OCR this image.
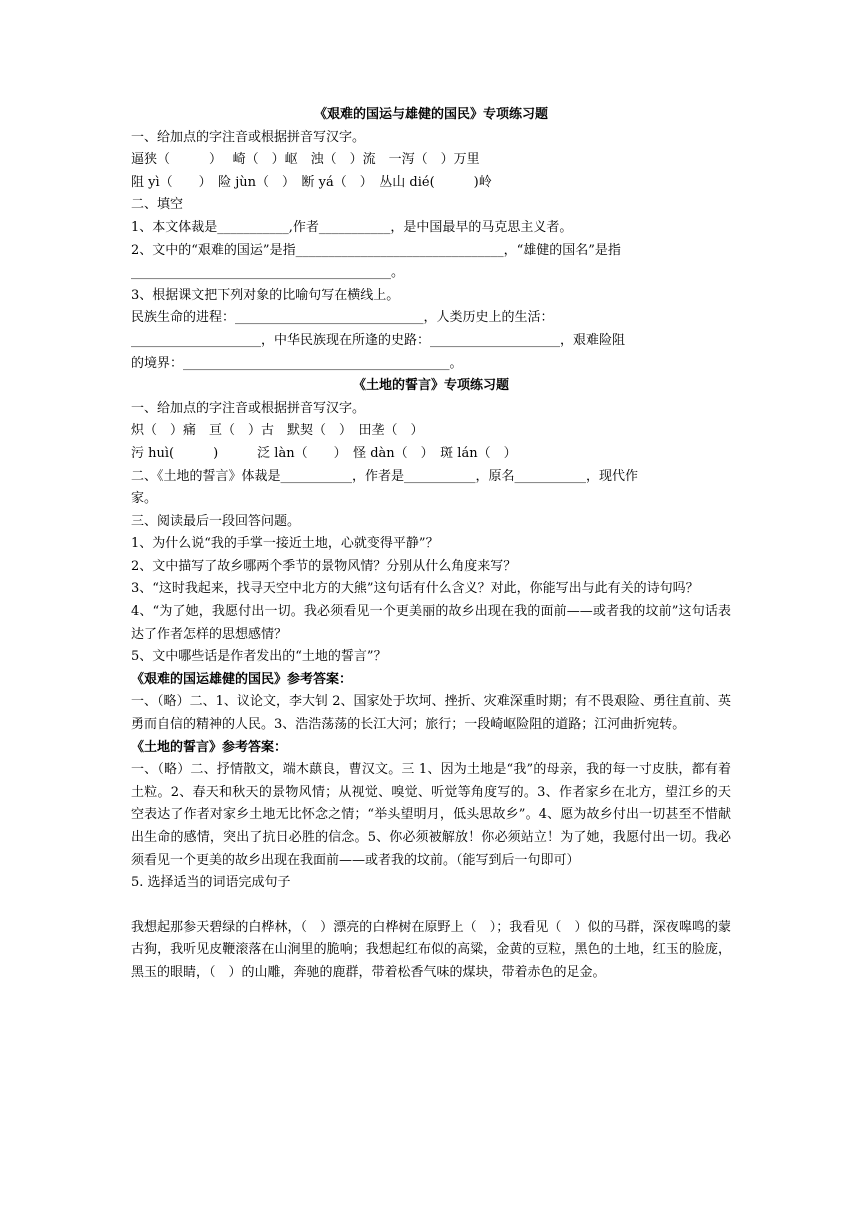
《艰难的国运与雄健的国民》专项练习题
一、给加点的字注音或根据拼音写汉字。
逼狭（　　　）　 崎（　）岖　浊（　）流　一泻（　）万里
阻 yì（　　）　险 jùn（　）　断 yá（　）　丛山 dié(　　　)岭
二、填空
1、本文体裁是___________,作者___________，是中国最早的马克思主义者。
2、文中的“艰难的国运”是指________________________________，“雄健的国名”是指
________________________________________。
3、根据课文把下列对象的比喻句写在横线上。
民族生命的进程：_____________________________，人类历史上的生活：
____________________，中华民族现在所逢的史路：____________________，艰难险阻
的境界：_________________________________________。
《土地的誓言》专项练习题
一、给加点的字注音或根据拼音写汉字。
炽（　）痛　亘（　）古　默契（　）　田垄（　）
污 huì(　　　)　　　泛 làn（　　）　怪 dàn（　）　斑 lán（　）
二、《土地的誓言》体裁是___________，作者是___________，原名___________，现代作
家。
三、阅读最后一段回答问题。
1、为什么说“我的手掌一接近土地，心就变得平静”？
2、文中描写了故乡哪两个季节的景物风情？分别从什么角度来写？
3、“这时我起来，找寻天空中北方的大熊”这句话有什么含义？对此，你能写出与此有关的诗句吗？
4、“为了她，我愿付出一切。我必须看见一个更美丽的故乡出现在我的面前——或者我的坟前”这句话表达了作者怎样的思想感情？
5、文中哪些话是作者发出的“土地的誓言”？
《艰难的国运雄健的国民》参考答案：
一、（略）二、1、议论文，李大钊 2、国家处于坎坷、挫折、灾难深重时期；有不畏艰险、勇往直前、英勇而自信的精神的人民。3、浩浩荡荡的长江大河；旅行；一段崎岖险阻的道路；江河曲折宛转。
《土地的誓言》参考答案：
一、（略）二、抒情散文，端木蕻良，曹汉文。三 1、因为土地是“我”的母亲，我的每一寸皮肤，都有着土粒。2、春天和秋天的景物风情；从视觉、嗅觉、听觉等角度写的。3、作者家乡在北方，望江乡的天空表达了作者对家乡土地无比怀念之情；“举头望明月，低头思故乡”。4、愿为故乡付出一切甚至不惜献出生命的感情，突出了抗日必胜的信念。5、你必须被解放！你必须站立！为了她，我愿付出一切。我必须看见一个更美的故乡出现在我面前——或者我的坟前。（能写到后一句即可）
5. 选择适当的词语完成句子
我想起那参天碧绿的白桦林，（　）漂亮的白桦树在原野上（　）；我看见（　）似的马群，深夜嗥鸣的蒙古狗，我听见皮鞭滚落在山涧里的脆响；我想起红布似的高粱，金黄的豆粒，黑色的土地，红玉的脸庞，黑玉的眼睛，（　）的山雕，奔驰的鹿群，带着松香气味的煤块，带着赤色的足金。
